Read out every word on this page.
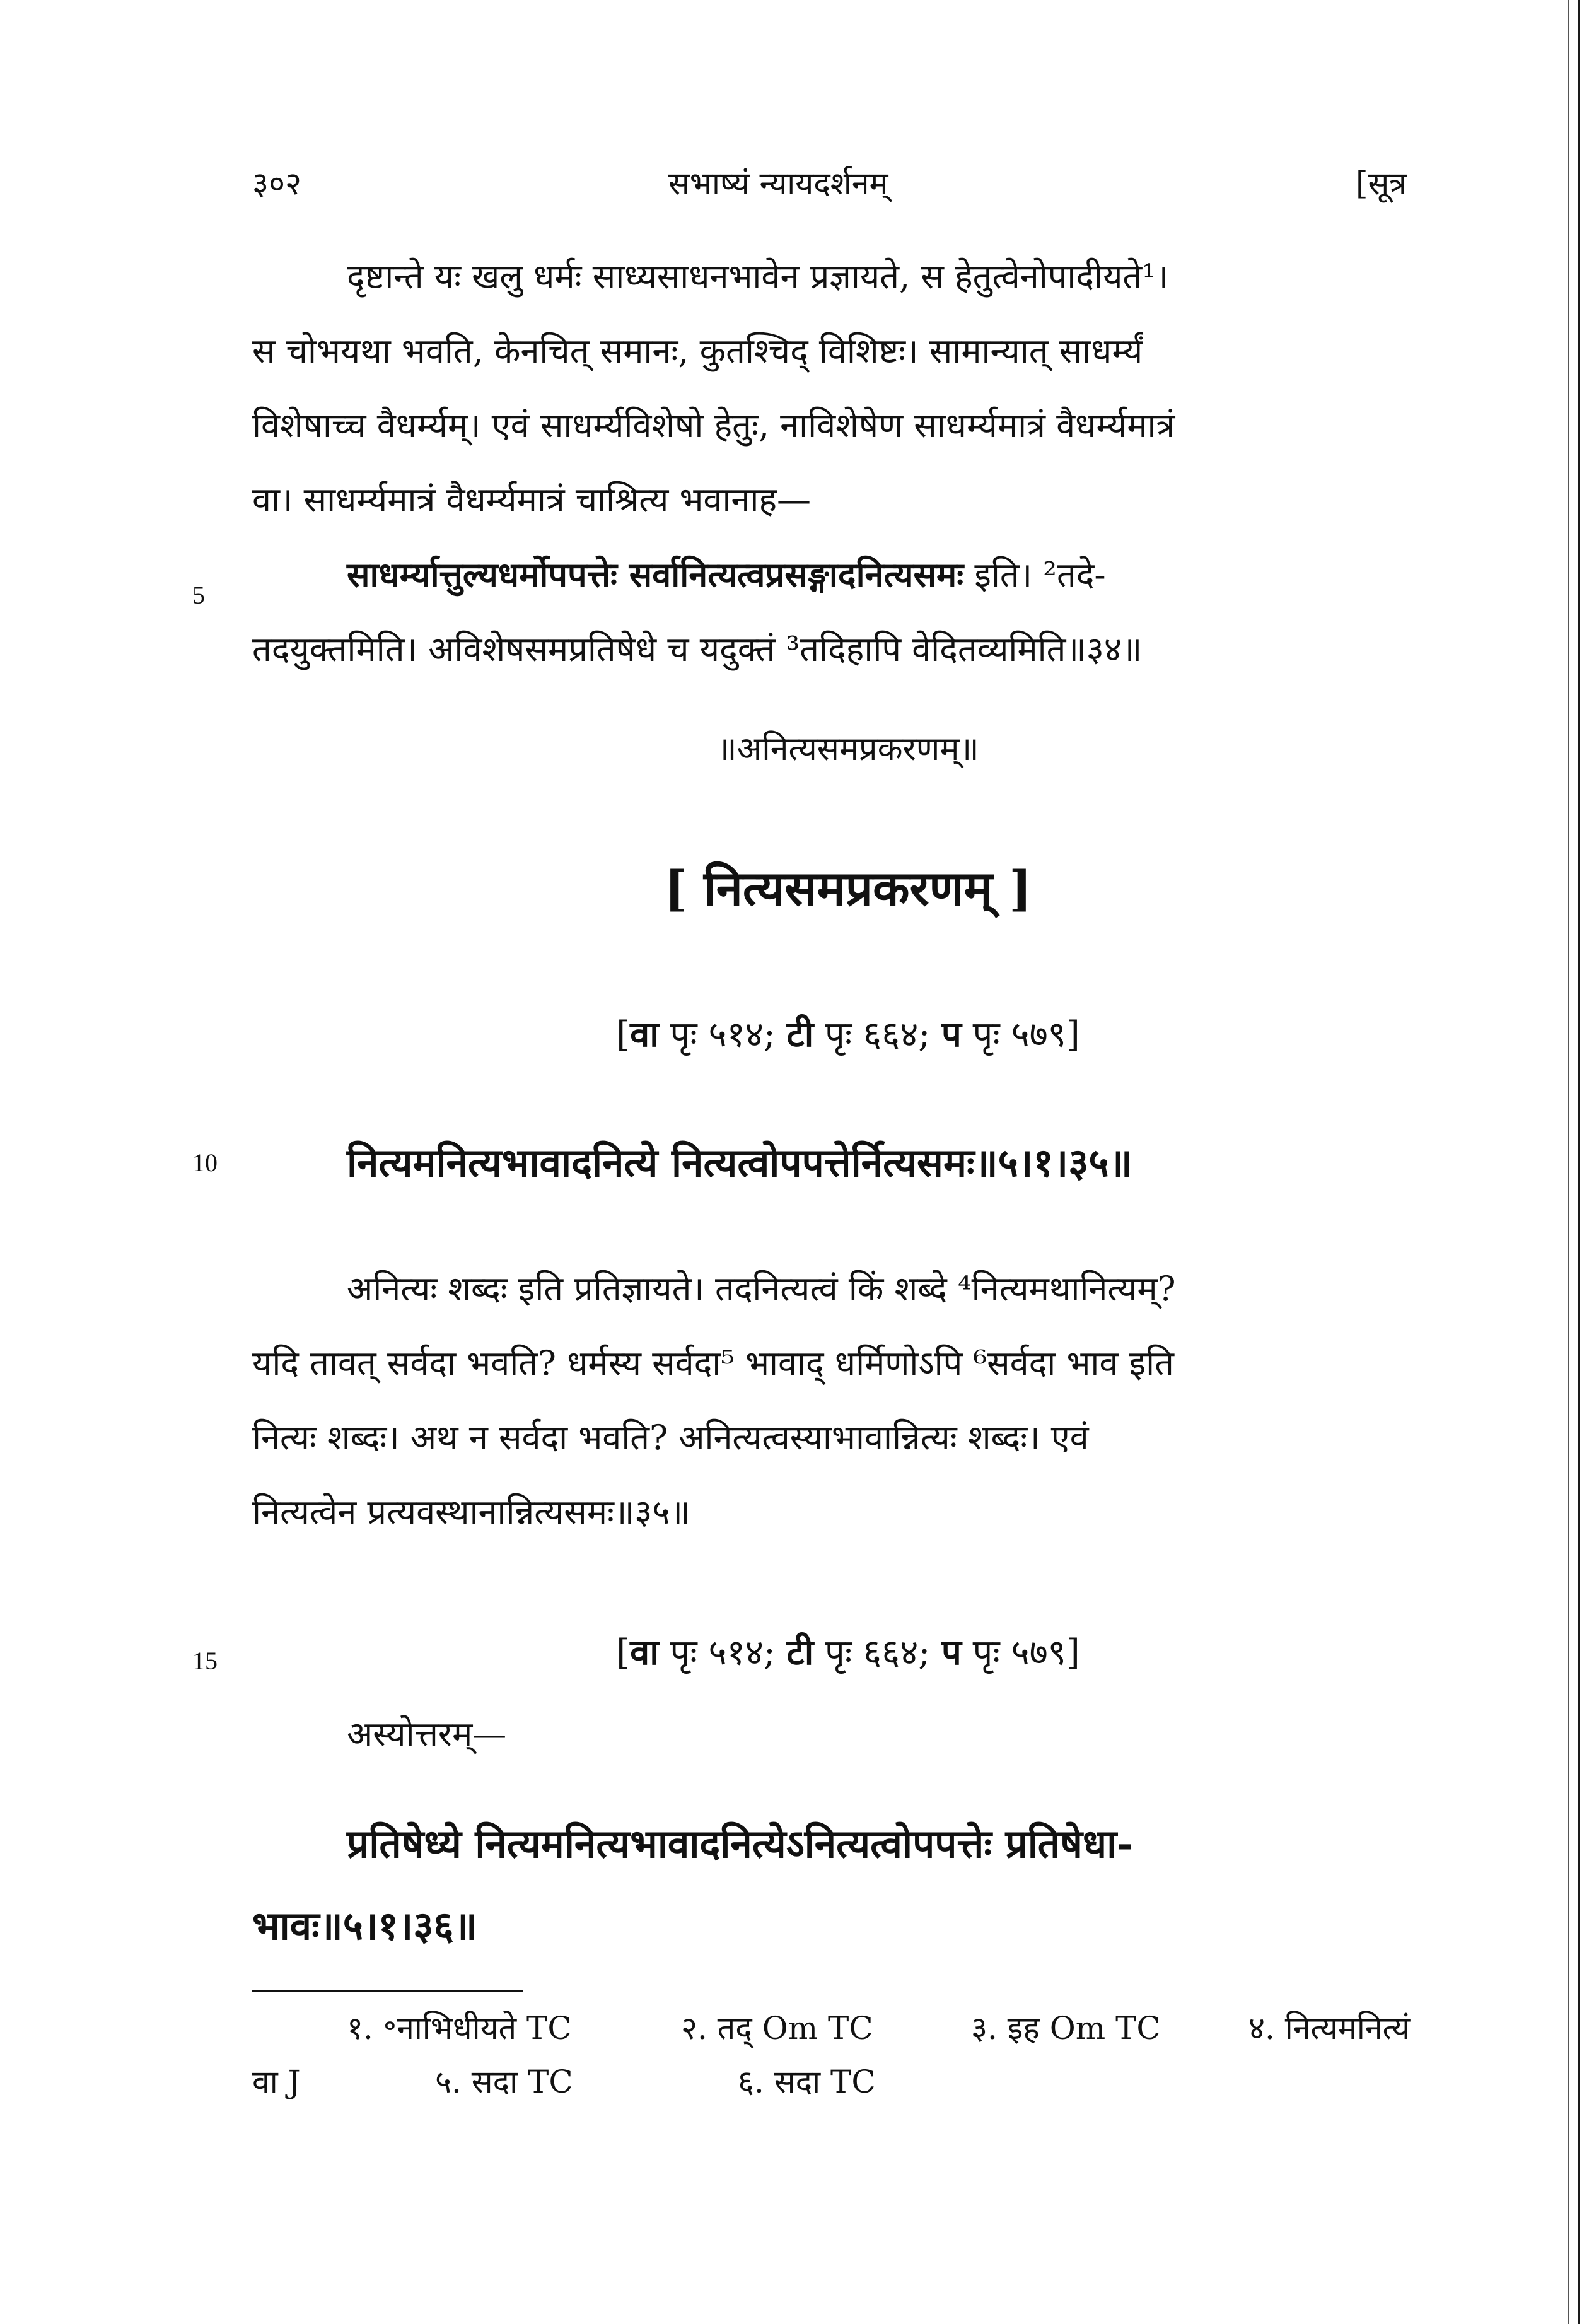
३०२	सभाष्यं न्यायदर्शनम्	[सूत्र

दृष्टान्ते यः खलु धर्मः साध्यसाधनभावेन प्रज्ञायते, स हेतुत्वेनोपादीयते¹।

स चोभयथा भवति, केनचित् समानः, कुतश्चिद् विशिष्टः। सामान्यात् साधर्म्यं

विशेषाच्च वैधर्म्यम्। एवं साधर्म्यविशेषो हेतुः, नाविशेषेण साधर्म्यमात्रं वैधर्म्यमात्रं

वा। साधर्म्यमात्रं वैधर्म्यमात्रं चाश्रित्य भवानाह—

5

साधर्म्यात्तुल्यधर्मोपपत्तेः सर्वानित्यत्वप्रसङ्गादनित्यसमः इति। ²तदे-

तदयुक्तमिति। अविशेषसमप्रतिषेधे च यदुक्तं ³तदिहापि वेदितव्यमिति॥३४॥

॥अनित्यसमप्रकरणम्॥
[ नित्यसमप्रकरणम् ]
[वा पृः ५१४; टी पृः ६६४; प पृः ५७९]
10	नित्यमनित्यभावादनित्ये नित्यत्वोपपत्तेर्नित्यसमः॥५।१।३५॥

अनित्यः शब्दः इति प्रतिज्ञायते। तदनित्यत्वं किं शब्दे ⁴नित्यमथानित्यम्?

यदि तावत् सर्वदा भवति? धर्मस्य सर्वदा⁵ भावाद् धर्मिणोऽपि ⁶सर्वदा भाव इति

नित्यः शब्दः। अथ न सर्वदा भवति? अनित्यत्वस्याभावान्नित्यः शब्दः। एवं

नित्यत्वेन प्रत्यवस्थानान्नित्यसमः॥३५॥

15	[वा पृः ५१४; टी पृः ६६४; प पृः ५७९]
अस्योत्तरम्—
प्रतिषेध्ये नित्यमनित्यभावादनित्येऽनित्यत्वोपपत्तेः प्रतिषेधा-
भावः॥५।१।३६॥
१. ॰नाभिधीयते TC	२. तद् Om TC	३. इह Om TC	४. नित्यमनित्यं
वा J	५. सदा TC	६. सदा TC
